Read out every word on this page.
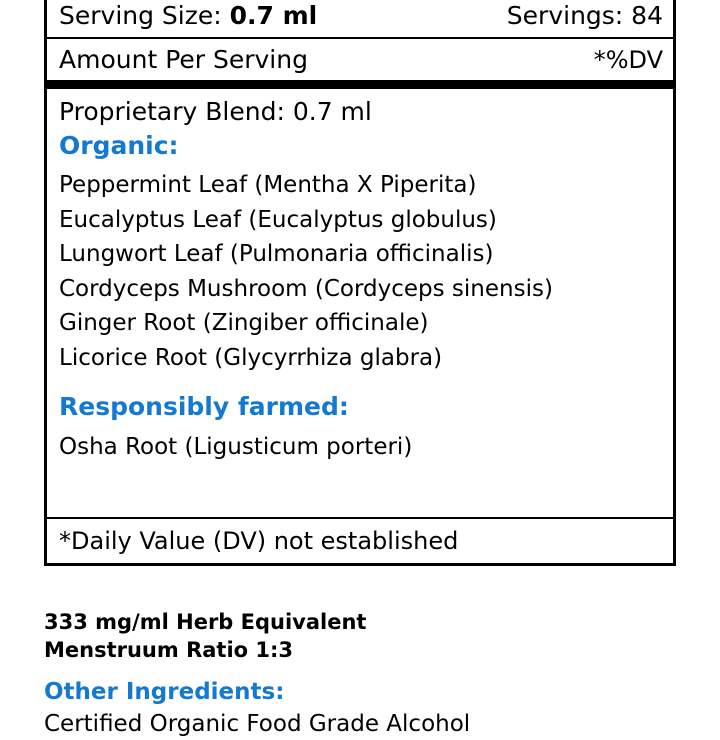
Serving Size: 0.7 ml	Servings: 84
Amount Per Serving	*%DV
Proprietary Blend: 0.7 ml
Organic:
Peppermint Leaf (Mentha X Piperita)
Eucalyptus Leaf (Eucalyptus globulus)
Lungwort Leaf (Pulmonaria officinalis)
Cordyceps Mushroom (Cordyceps sinensis)
Ginger Root (Zingiber officinale)
Licorice Root (Glycyrrhiza glabra)
Responsibly farmed:
Osha Root (Ligusticum porteri)
*Daily Value (DV) not established
333 mg/ml Herb Equivalent
Menstruum Ratio 1:3
Other Ingredients:
Certified Organic Food Grade Alcohol
